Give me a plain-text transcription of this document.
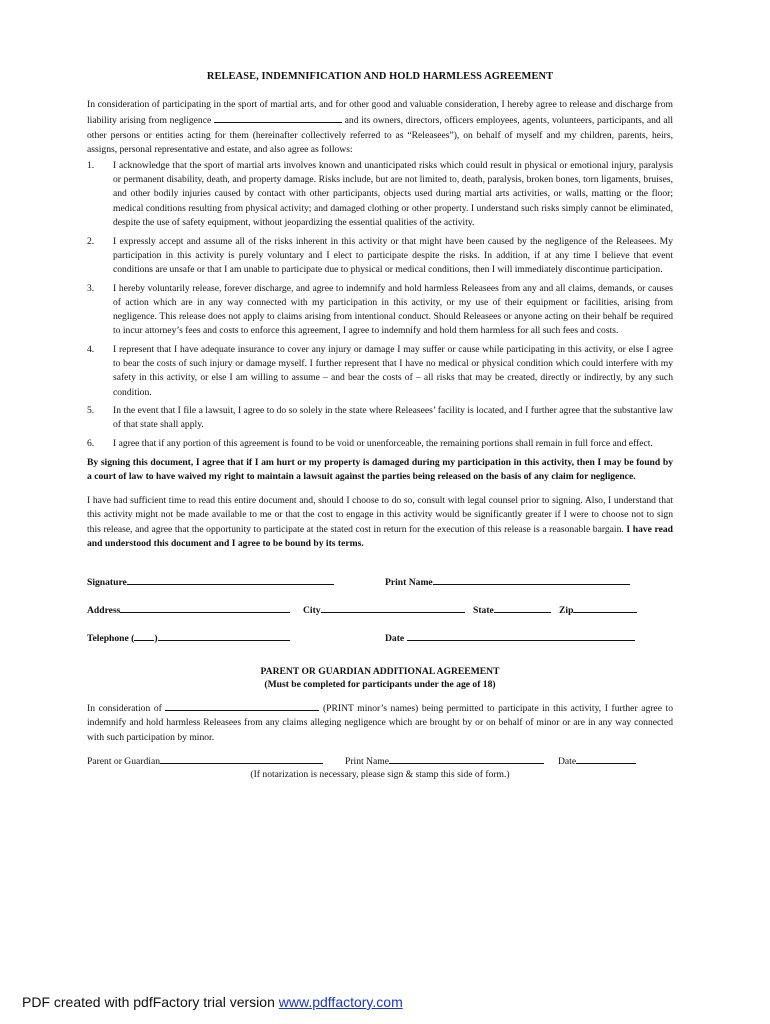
RELEASE, INDEMNIFICATION AND HOLD HARMLESS AGREEMENT

In consideration of participating in the sport of martial arts, and for other good and valuable consideration, I hereby agree to release and discharge from liability arising from negligence	and its owners, directors, officers employees, agents, volunteers, participants, and all other persons or entities acting for them (hereinafter collectively referred to as “Releasees”), on behalf of myself and my children, parents, heirs, assigns, personal representative and estate, and also agree as follows:

1.	I acknowledge that the sport of martial arts involves known and unanticipated risks which could result in physical or emotional injury, paralysis or permanent disability, death, and property damage. Risks include, but are not limited to, death, paralysis, broken bones, torn ligaments, bruises, and other bodily injuries caused by contact with other participants, objects used during martial arts activities, or walls, matting or the floor; medical conditions resulting from physical activity; and damaged clothing or other property. I understand such risks simply cannot be eliminated, despite the use of safety equipment, without jeopardizing the essential qualities of the activity.
2.	I expressly accept and assume all of the risks inherent in this activity or that might have been caused by the negligence of the Releasees. My participation in this activity is purely voluntary and I elect to participate despite the risks. In addition, if at any time I believe that event conditions are unsafe or that I am unable to participate due to physical or medical conditions, then I will immediately discontinue participation.
3.	I hereby voluntarily release, forever discharge, and agree to indemnify and hold harmless Releasees from any and all claims, demands, or causes of action which are in any way connected with my participation in this activity, or my use of their equipment or facilities, arising from negligence. This release does not apply to claims arising from intentional conduct. Should Releasees or anyone acting on their behalf be required to incur attorney’s fees and costs to enforce this agreement, I agree to indemnify and hold them harmless for all such fees and costs.
4.	I represent that I have adequate insurance to cover any injury or damage I may suffer or cause while participating in this activity, or else I agree to bear the costs of such injury or damage myself. I further represent that I have no medical or physical condition which could interfere with my safety in this activity, or else I am willing to assume – and bear the costs of – all risks that may be created, directly or indirectly, by any such condition.
5.	In the event that I file a lawsuit, I agree to do so solely in the state where Releasees’ facility is located, and I further agree that the substantive law of that state shall apply.
6.	I agree that if any portion of this agreement is found to be void or unenforceable, the remaining portions shall remain in full force and effect.

By signing this document, I agree that if I am hurt or my property is damaged during my participation in this activity, then I may be found by a court of law to have waived my right to maintain a lawsuit against the parties being released on the basis of any claim for negligence.

I have had sufficient time to read this entire document and, should I choose to do so, consult with legal counsel prior to signing. Also, I understand that this activity might not be made available to me or that the cost to engage in this activity would be significantly greater if I were to choose not to sign this release, and agree that the opportunity to participate at the stated cost in return for the execution of this release is a reasonable bargain. I have read and understood this document and I agree to be bound by its terms.

Signature	Print Name
Address	City	State	Zip
Telephone ( )	Date
PARENT OR GUARDIAN ADDITIONAL AGREEMENT
(Must be completed for participants under the age of 18)

In consideration of	(PRINT minor’s names) being permitted to participate in this activity, I further agree to indemnify and hold harmless Releasees from any claims alleging negligence which are brought by or on behalf of minor or are in any way connected with such participation by minor.

Parent or Guardian	Print Name	Date
(If notarization is necessary, please sign & stamp this side of form.)
PDF created with pdfFactory trial version www.pdffactory.com
